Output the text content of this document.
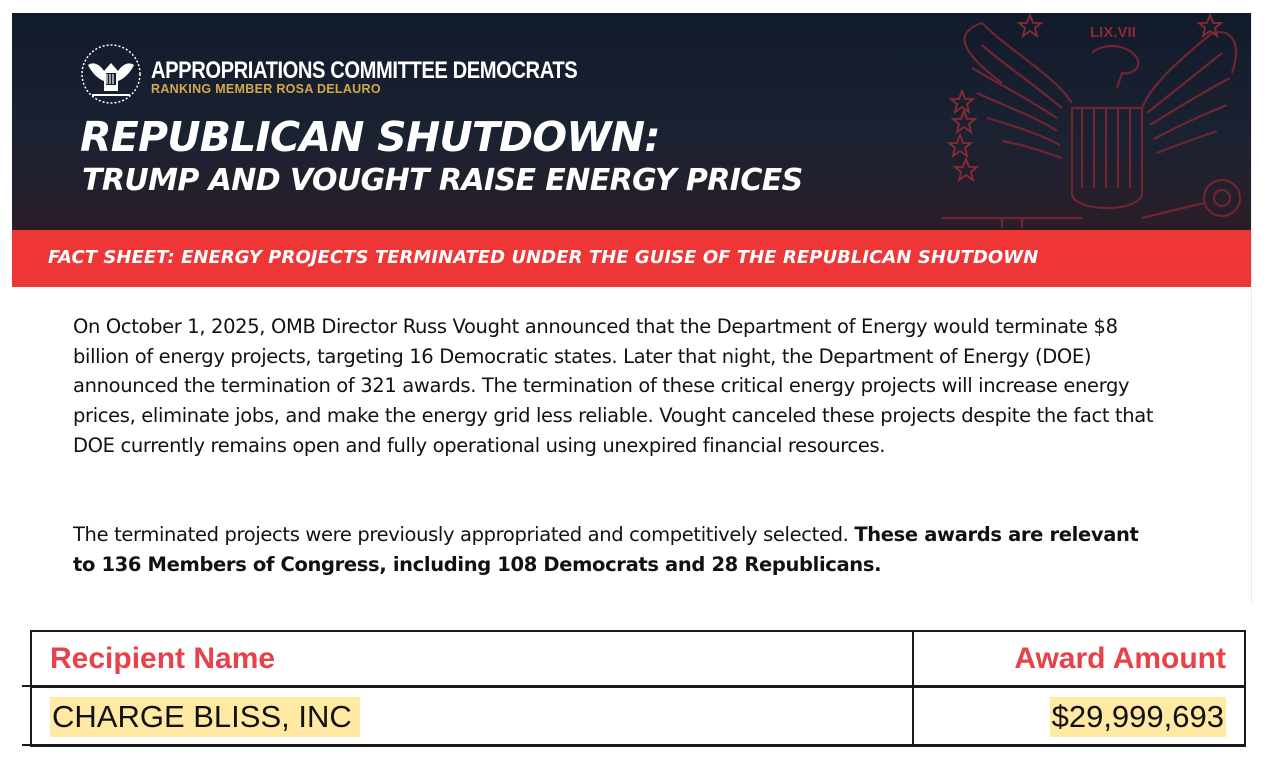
LIX.VII
APPROPRIATIONS COMMITTEE DEMOCRATS
RANKING MEMBER ROSA DELAURO
REPUBLICAN SHUTDOWN:
TRUMP AND VOUGHT RAISE ENERGY PRICES
FACT SHEET: ENERGY PROJECTS TERMINATED UNDER THE GUISE OF THE REPUBLICAN SHUTDOWN
On October 1, 2025, OMB Director Russ Vought announced that the Department of Energy would terminate $8 billion of energy projects, targeting 16 Democratic states. Later that night, the Department of Energy (DOE) announced the termination of 321 awards. The termination of these critical energy projects will increase energy prices, eliminate jobs, and make the energy grid less reliable. Vought canceled these projects despite the fact that DOE currently remains open and fully operational using unexpired financial resources.
The terminated projects were previously appropriated and competitively selected. These awards are relevant to 136 Members of Congress, including 108 Democrats and 28 Republicans.
Recipient Name	Award Amount
CHARGE BLISS, INC	$29,999,693
